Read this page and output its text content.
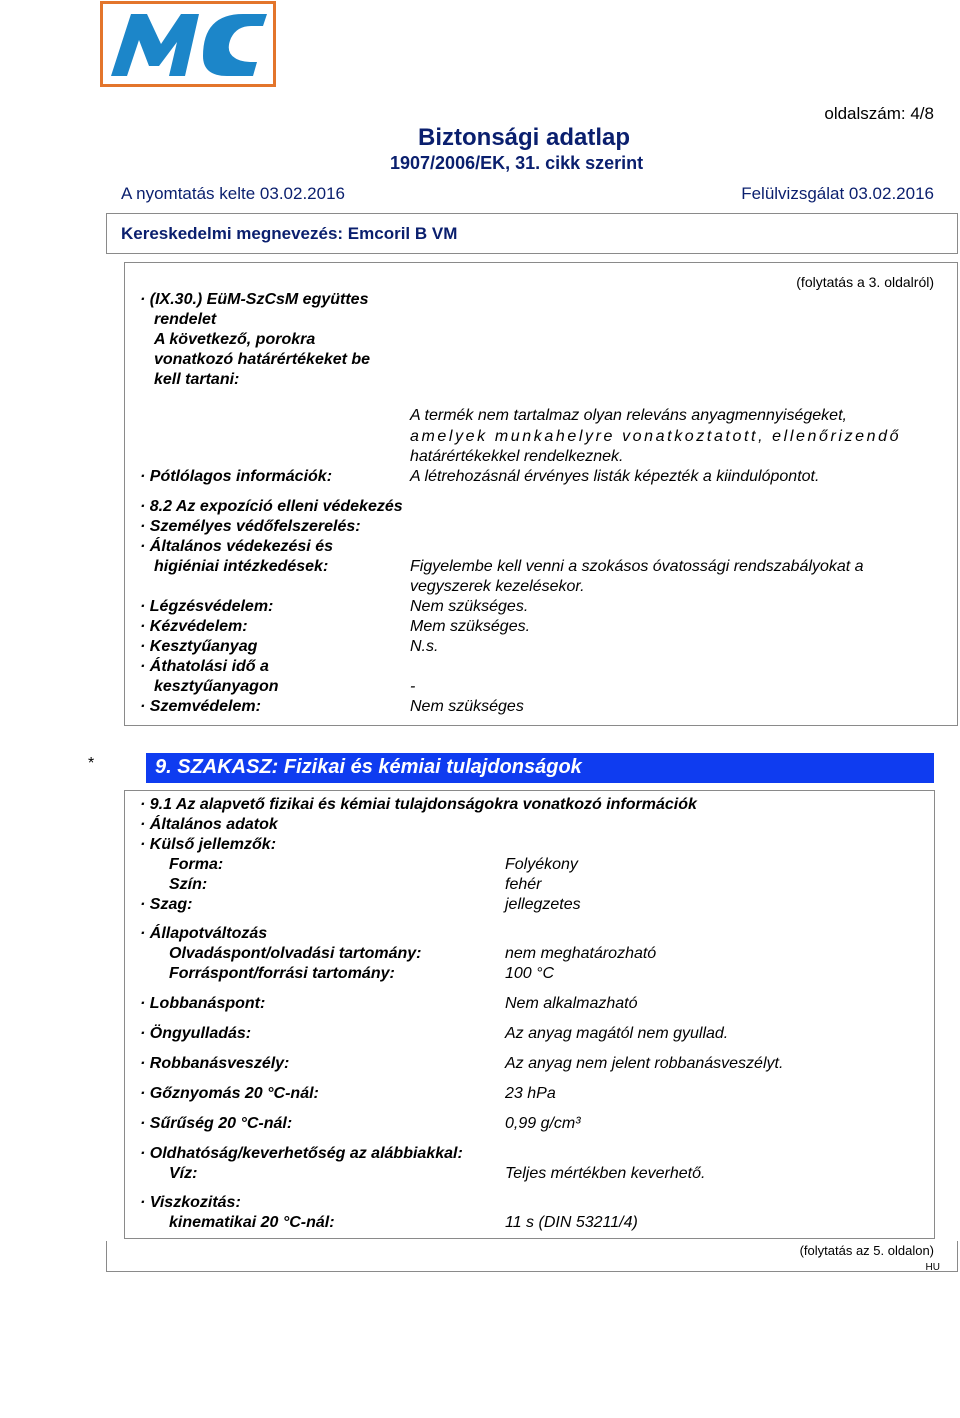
oldalszám: 4/8
Biztonsági adatlap
1907/2006/EK, 31. cikk szerint
A nyomtatás kelte 03.02.2016	Felülvizsgálat 03.02.2016
Kereskedelmi megnevezés: Emcoril B VM
(folytatás a 3. oldalról)
· (IX.30.) EüM-SzCsM együttes
rendelet
A következő, porokra
vonatkozó határértékeket be
kell tartani:
A termék nem tartalmaz olyan releváns anyagmennyiségeket,
amelyek munkahelyre vonatkoztatott, ellenőrizendő
határértékekkel rendelkeznek.
· Pótlólagos információk:	A létrehozásnál érvényes listák képezték a kiindulópontot.
· 8.2 Az expozíció elleni védekezés
· Személyes védőfelszerelés:
· Általános védekezési és
higiéniai intézkedések:	Figyelembe kell venni a szokásos óvatossági rendszabályokat a
vegyszerek kezelésekor.
· Légzésvédelem:	Nem szükséges.
· Kézvédelem:	Mem szükséges.
· Kesztyűanyag	N.s.
· Áthatolási idő a
kesztyűanyagon	-
· Szemvédelem:	Nem szükséges
*	9. SZAKASZ: Fizikai és kémiai tulajdonságok
· 9.1 Az alapvető fizikai és kémiai tulajdonságokra vonatkozó információk
· Általános adatok
· Külső jellemzők:
Forma:	Folyékony
Szín:	fehér
· Szag:	jellegzetes
· Állapotváltozás
Olvadáspont/olvadási tartomány:	nem meghatározható
Forráspont/forrási tartomány:	100 °C
· Lobbanáspont:	Nem alkalmazható
· Öngyulladás:	Az anyag magától nem gyullad.
· Robbanásveszély:	Az anyag nem jelent robbanásveszélyt.
· Gőznyomás 20 °C-nál:	23 hPa
· Sűrűség 20 °C-nál:	0,99 g/cm³
· Oldhatóság/keverhetőség az alábbiakkal:
Víz:	Teljes mértékben keverhető.
· Viszkozitás:
kinematikai 20 °C-nál:	11 s (DIN 53211/4)
(folytatás az 5. oldalon)
HU
